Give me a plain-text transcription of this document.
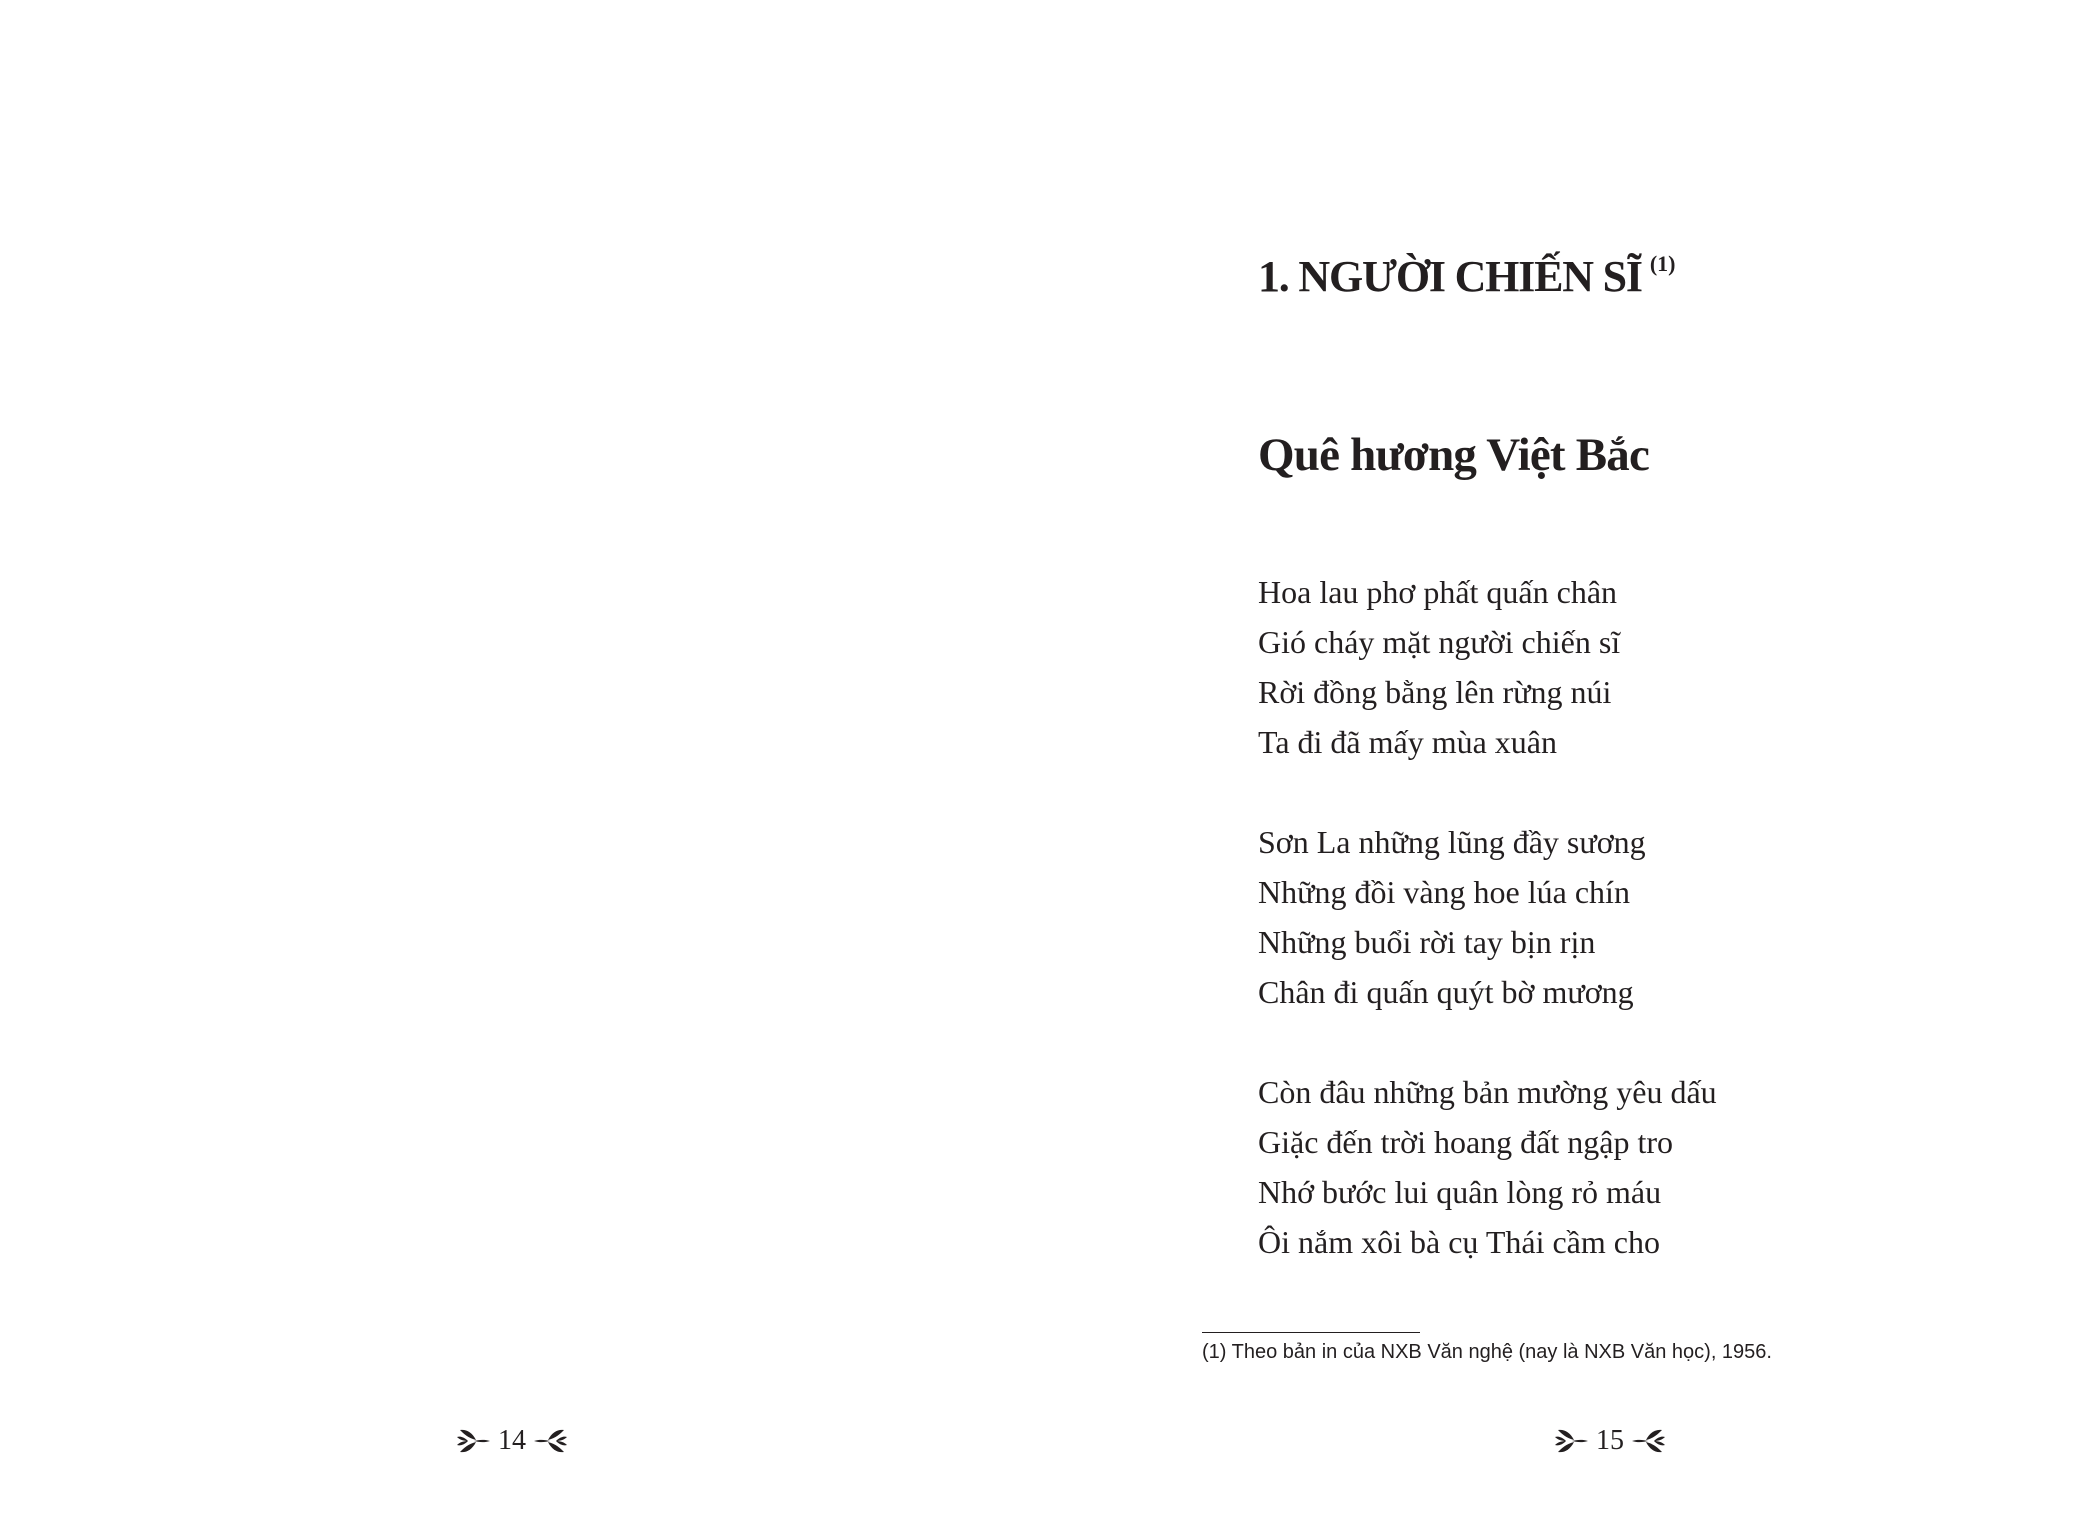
14
1. NGƯỜI CHIẾN SĨ $^{(1)}$
Quê hương Việt Bắc

Hoa lau phơ phất quấn chân
Gió cháy mặt người chiến sĩ
Rời đồng bằng lên rừng núi
Ta đi đã mấy mùa xuân

Sơn La những lũng đầy sương
Những đồi vàng hoe lúa chín
Những buổi rời tay bịn rịn
Chân đi quấn quýt bờ mương

Còn đâu những bản mường yêu dấu
Giặc đến trời hoang đất ngập tro
Nhớ bước lui quân lòng rỏ máu
Ôi nắm xôi bà cụ Thái cầm cho

(1) Theo bản in của NXB Văn nghệ (nay là NXB Văn học), 1956.

15
